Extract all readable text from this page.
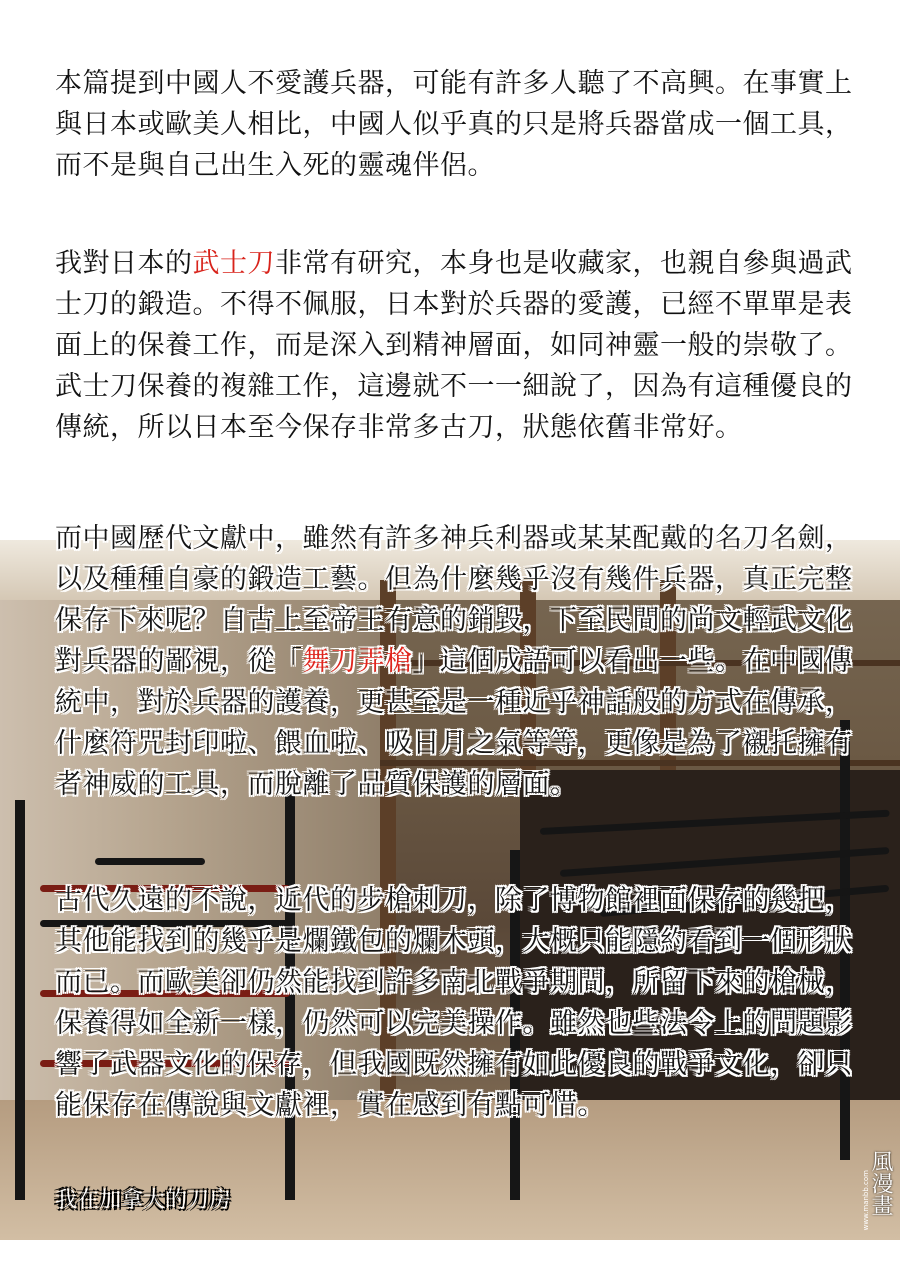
本篇提到中國人不愛護兵器，可能有許多人聽了不高興。在事實上
與日本或歐美人相比，中國人似乎真的只是將兵器當成一個工具，
而不是與自己出生入死的靈魂伴侶。
我對日本的武士刀非常有研究，本身也是收藏家，也親自參與過武
士刀的鍛造。不得不佩服，日本對於兵器的愛護，已經不單單是表
面上的保養工作，而是深入到精神層面，如同神靈一般的崇敬了。
武士刀保養的複雜工作，這邊就不一一細說了，因為有這種優良的
傳統，所以日本至今保存非常多古刀，狀態依舊非常好。
而中國歷代文獻中，雖然有許多神兵利器或某某配戴的名刀名劍，
以及種種自豪的鍛造工藝。但為什麼幾乎沒有幾件兵器，真正完整
保存下來呢？自古上至帝王有意的銷毀，下至民間的尚文輕武文化
對兵器的鄙視，從「舞刀弄槍」這個成語可以看出一些。在中國傳
統中，對於兵器的護養，更甚至是一種近乎神話般的方式在傳承，
什麼符咒封印啦、餵血啦、吸日月之氣等等，更像是為了襯托擁有
者神威的工具，而脫離了品質保護的層面。
古代久遠的不說，近代的步槍刺刀，除了博物館裡面保存的幾把，
其他能找到的幾乎是爛鐵包的爛木頭，大概只能隱約看到一個形狀
而已。而歐美卻仍然能找到許多南北戰爭期間，所留下來的槍械，
保養得如全新一樣，仍然可以完美操作。雖然也些法令上的問題影
響了武器文化的保存，但我國既然擁有如此優良的戰爭文化，卻只
能保存在傳說與文獻裡，實在感到有點可惜。
我在加拿大的刀房	風漫畫
www.manbb.com
